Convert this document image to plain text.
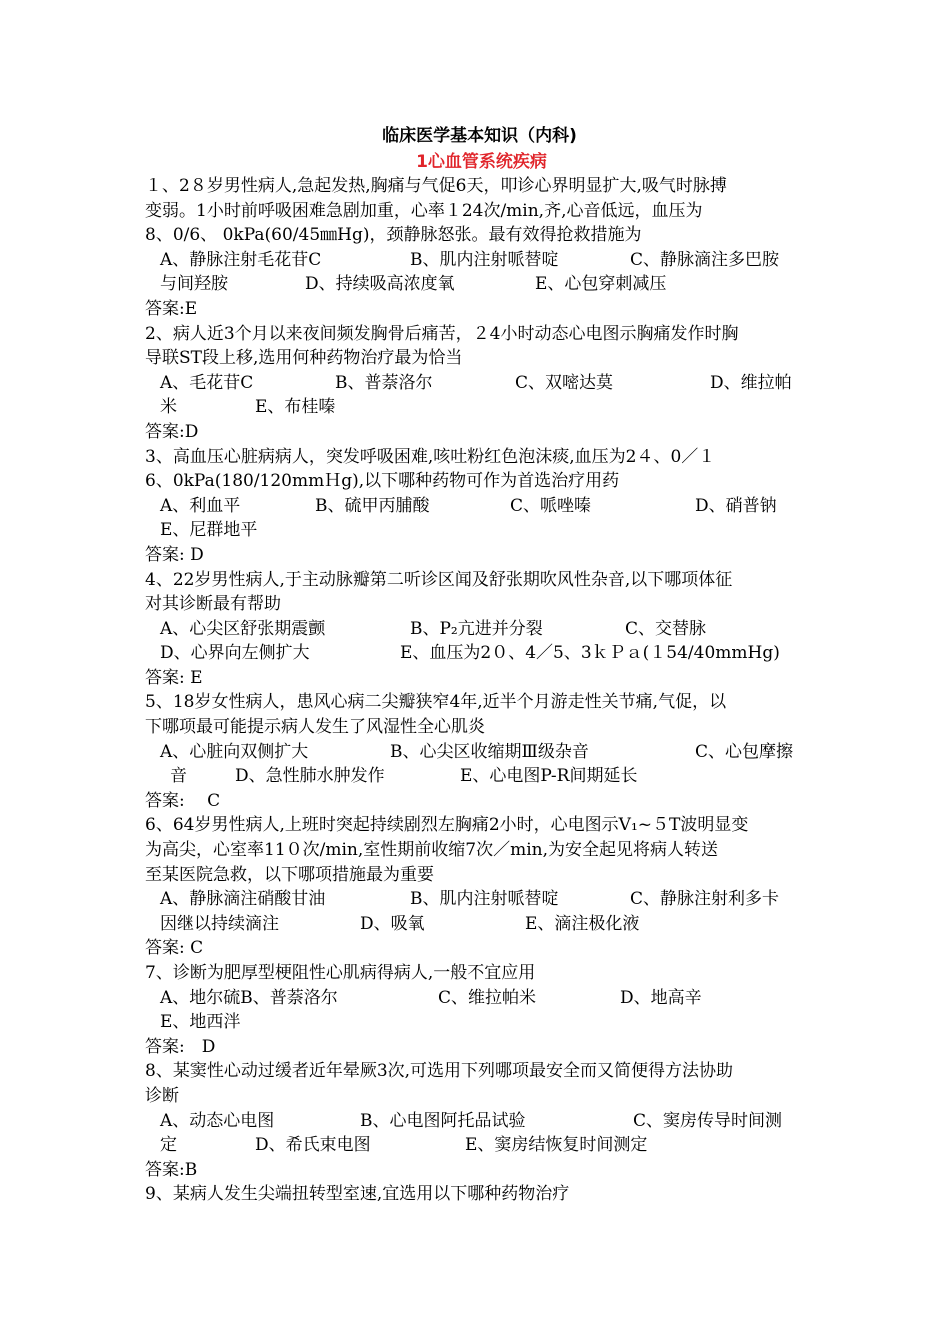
临床医学基本知识（内科)
1心血管系统疾病
１、2８岁男性病人,急起发热,胸痛与气促6天，叩诊心界明显扩大,吸气时脉搏
变弱。1小时前呼吸困难急剧加重，心率１24次/min,齐,心音低远，血压为
8、0/6、 0kPa(60/45㎜Hg)，颈静脉怒张。最有效得抢救措施为
A、静脉注射毛花苷C	B、肌内注射哌替啶	C、静脉滴注多巴胺
与间羟胺	D、持续吸高浓度氧	E、心包穿刺减压
答案:E
2、病人近3个月以来夜间频发胸骨后痛苦，２4小时动态心电图示胸痛发作时胸
导联ST段上移,选用何种药物治疗最为恰当
A、毛花苷C	B、普萘洛尔	C、双嘧达莫	D、维拉帕
米	E、布桂嗪
答案:D
3、高血压心脏病病人，突发呼吸困难,咳吐粉红色泡沫痰,血压为2４、0／１
6、0kPa(180/120mmＨg),以下哪种药物可作为首选治疗用药
A、利血平	B、硫甲丙脯酸	C、哌唑嗪	D、硝普钠
E、尼群地平
答案: D
4、22岁男性病人,于主动脉瓣第二听诊区闻及舒张期吹风性杂音,以下哪项体征
对其诊断最有帮助
A、心尖区舒张期震颤	B、P₂亢进并分裂	C、交替脉
D、心界向左侧扩大	E、血压为2０、4／5、3ｋＰａ(１54/40mmHg)
答案: E
5、18岁女性病人，患风心病二尖瓣狭窄4年,近半个月游走性关节痛,气促，以
下哪项最可能提示病人发生了风湿性全心肌炎
A、心脏向双侧扩大	B、心尖区收缩期Ⅲ级杂音	C、心包摩擦
音	D、急性肺水肿发作	E、心电图P-R间期延长
答案:　 C
6、64岁男性病人,上班时突起持续剧烈左胸痛2小时，心电图示V₁~５T波明显变
为高尖，心室率11０次/min,室性期前收缩7次／min,为安全起见将病人转送
至某医院急救，以下哪项措施最为重要
A、静脉滴注硝酸甘油	B、肌内注射哌替啶	C、静脉注射利多卡
因继以持续滴注	D、吸氧	E、滴注极化液
答案: C
7、诊断为肥厚型梗阻性心肌病得病人,一般不宜应用
A、地尔硫B、普萘洛尔	C、维拉帕米	D、地高辛
E、地西泮
答案:　D
8、某窦性心动过缓者近年晕厥3次,可选用下列哪项最安全而又简便得方法协助
诊断
A、动态心电图	B、心电图阿托品试验	C、窦房传导时间测
定	D、希氏束电图	E、窦房结恢复时间测定
答案:B
9、某病人发生尖端扭转型室速,宜选用以下哪种药物治疗
